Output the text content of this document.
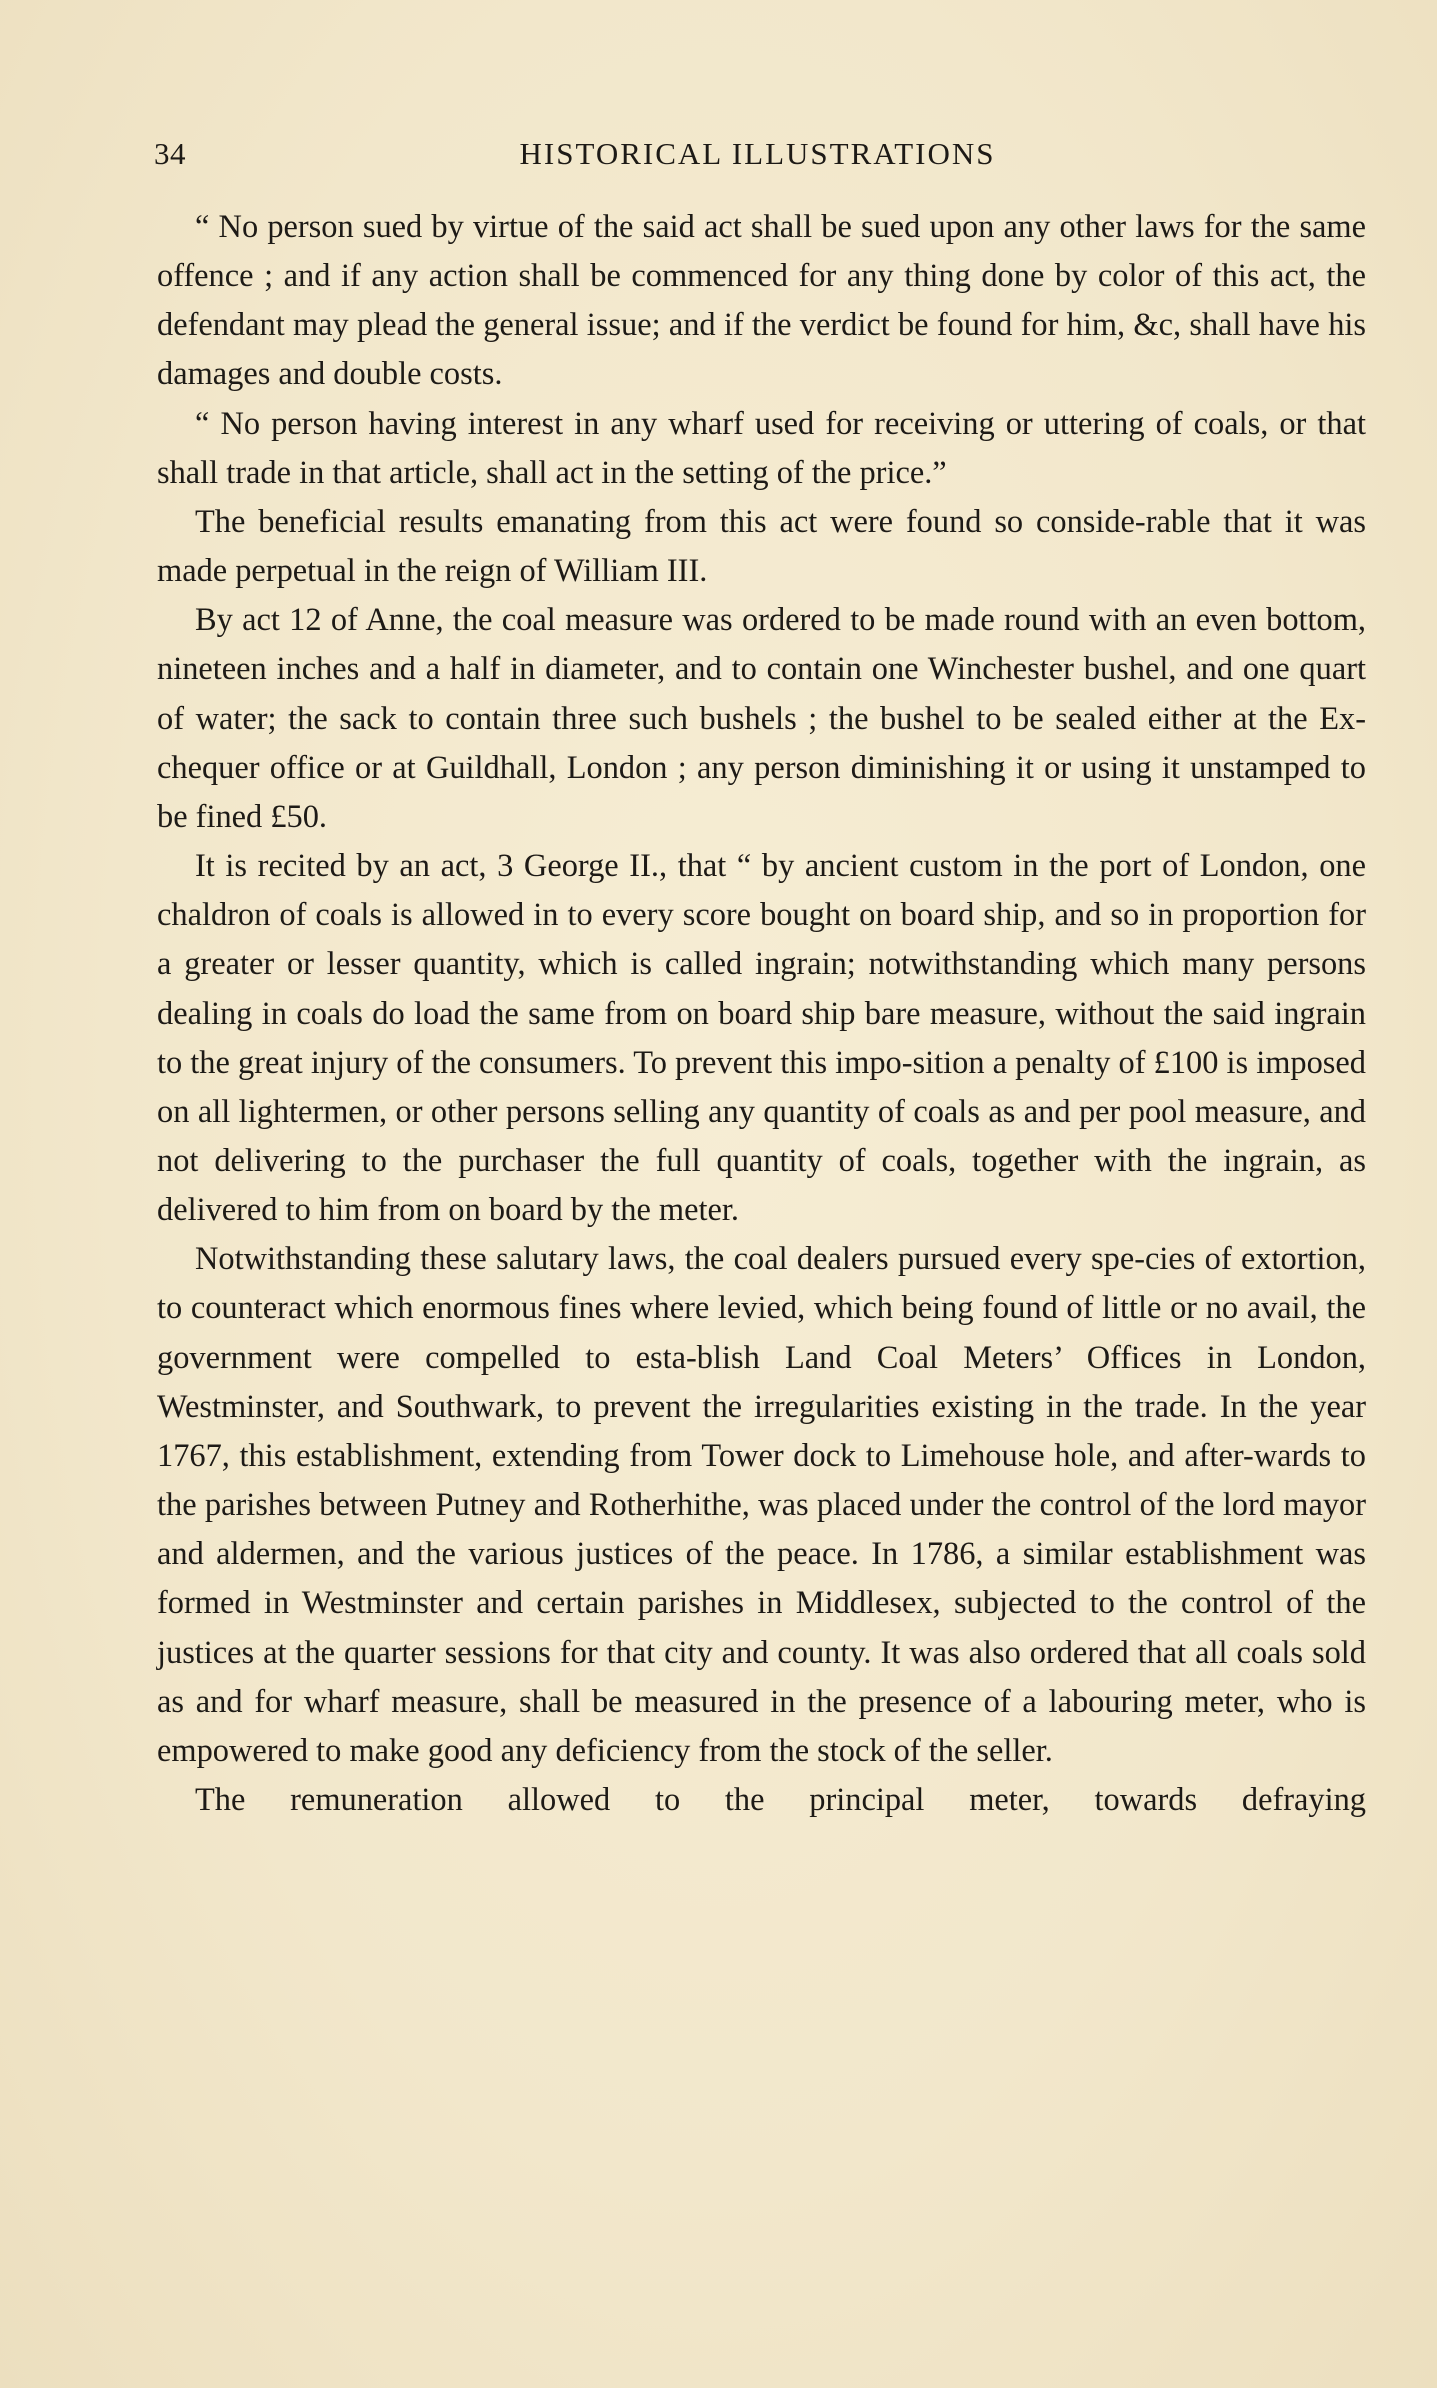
34	HISTORICAL ILLUSTRATIONS

“ No person sued by virtue of the said act shall be sued upon any other laws for the same offence ; and if any action shall be commenced for any thing done by color of this act, the defendant may plead the general issue; and if the verdict be found for him, &c, shall have his damages and double costs.

“ No person having interest in any wharf used for receiving or uttering of coals, or that shall trade in that article, shall act in the setting of the price.”

The beneficial results emanating from this act were found so conside-rable that it was made perpetual in the reign of William III.

By act 12 of Anne, the coal measure was ordered to be made round with an even bottom, nineteen inches and a half in diameter, and to contain one Winchester bushel, and one quart of water; the sack to contain three such bushels ; the bushel to be sealed either at the Ex-chequer office or at Guildhall, London ; any person diminishing it or using it unstamped to be fined £50.

It is recited by an act, 3 George II., that “ by ancient custom in the port of London, one chaldron of coals is allowed in to every score bought on board ship, and so in proportion for a greater or lesser quantity, which is called ingrain; notwithstanding which many persons dealing in coals do load the same from on board ship bare measure, without the said ingrain to the great injury of the consumers. To prevent this impo-sition a penalty of £100 is imposed on all lightermen, or other persons selling any quantity of coals as and per pool measure, and not delivering to the purchaser the full quantity of coals, together with the ingrain, as delivered to him from on board by the meter.

Notwithstanding these salutary laws, the coal dealers pursued every spe-cies of extortion, to counteract which enormous fines where levied, which being found of little or no avail, the government were compelled to esta-blish Land Coal Meters’ Offices in London, Westminster, and Southwark, to prevent the irregularities existing in the trade. In the year 1767, this establishment, extending from Tower dock to Limehouse hole, and after-wards to the parishes between Putney and Rotherhithe, was placed under the control of the lord mayor and aldermen, and the various justices of the peace. In 1786, a similar establishment was formed in Westminster and certain parishes in Middlesex, subjected to the control of the justices at the quarter sessions for that city and county. It was also ordered that all coals sold as and for wharf measure, shall be measured in the presence of a labouring meter, who is empowered to make good any deficiency from the stock of the seller.

The remuneration allowed to the principal meter, towards defraying
